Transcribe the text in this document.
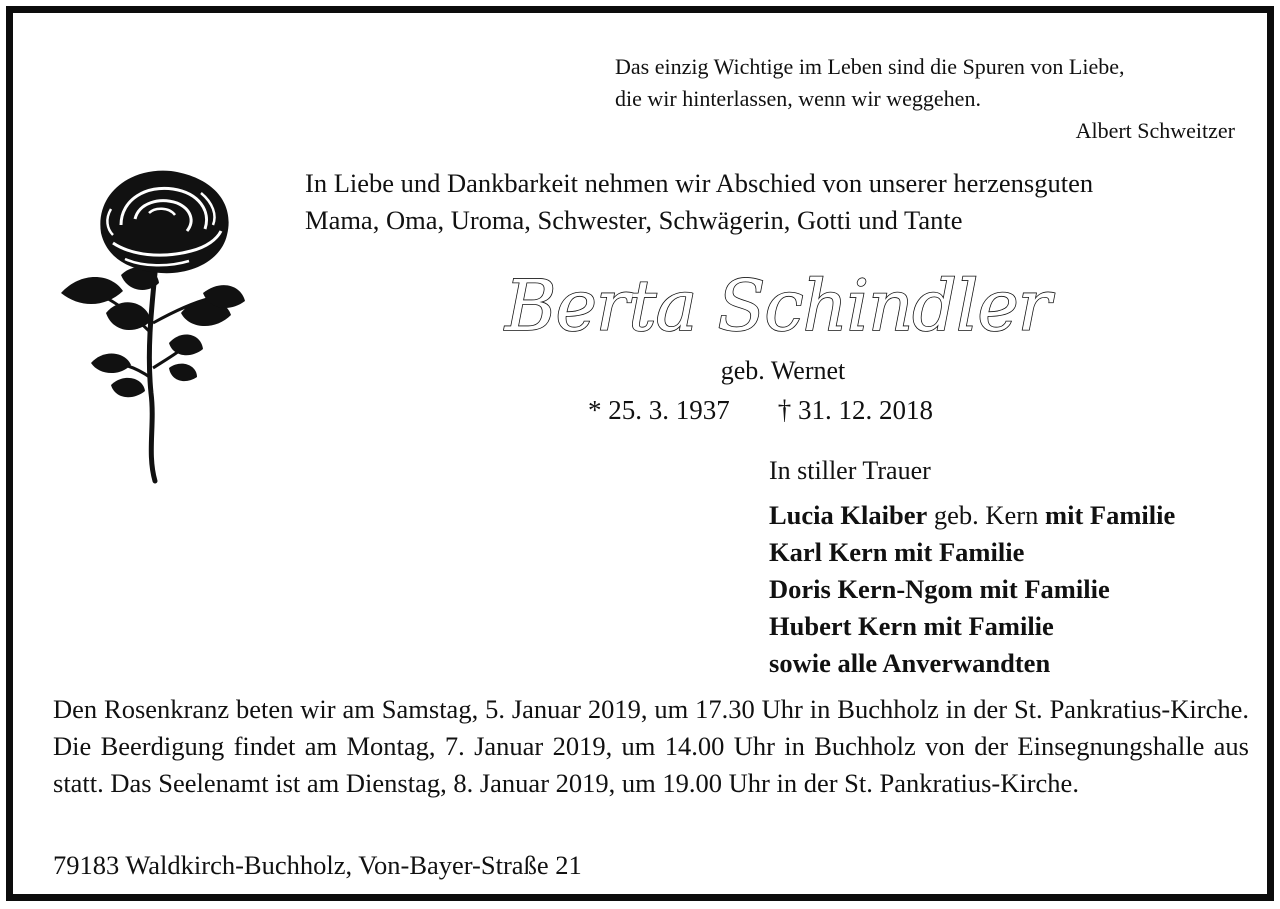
Das einzig Wichtige im Leben sind die Spuren von Liebe,
die wir hinterlassen, wenn wir weggehen.
Albert Schweitzer
In Liebe und Dankbarkeit nehmen wir Abschied von unserer herzensguten
Mama, Oma, Uroma, Schwester, Schwägerin, Gotti und Tante
Berta Schindler
geb. Wernet
* 25. 3. 1937 † 31. 12. 2018
In stiller Trauer
Lucia Klaiber geb. Kern mit Familie
Karl Kern mit Familie
Doris Kern-Ngom mit Familie
Hubert Kern mit Familie
sowie alle Anverwandten
Den Rosenkranz beten wir am Samstag, 5. Januar 2019, um 17.30 Uhr in Buchholz in der St. Pankratius-Kirche. Die Beerdigung findet am Montag, 7. Januar 2019, um 14.00 Uhr in Buchholz von der Einsegnungshalle aus statt. Das Seelenamt ist am Dienstag, 8. Januar 2019, um 19.00 Uhr in der St. Pankratius-Kirche.
79183 Waldkirch-Buchholz, Von-Bayer-Straße 21
